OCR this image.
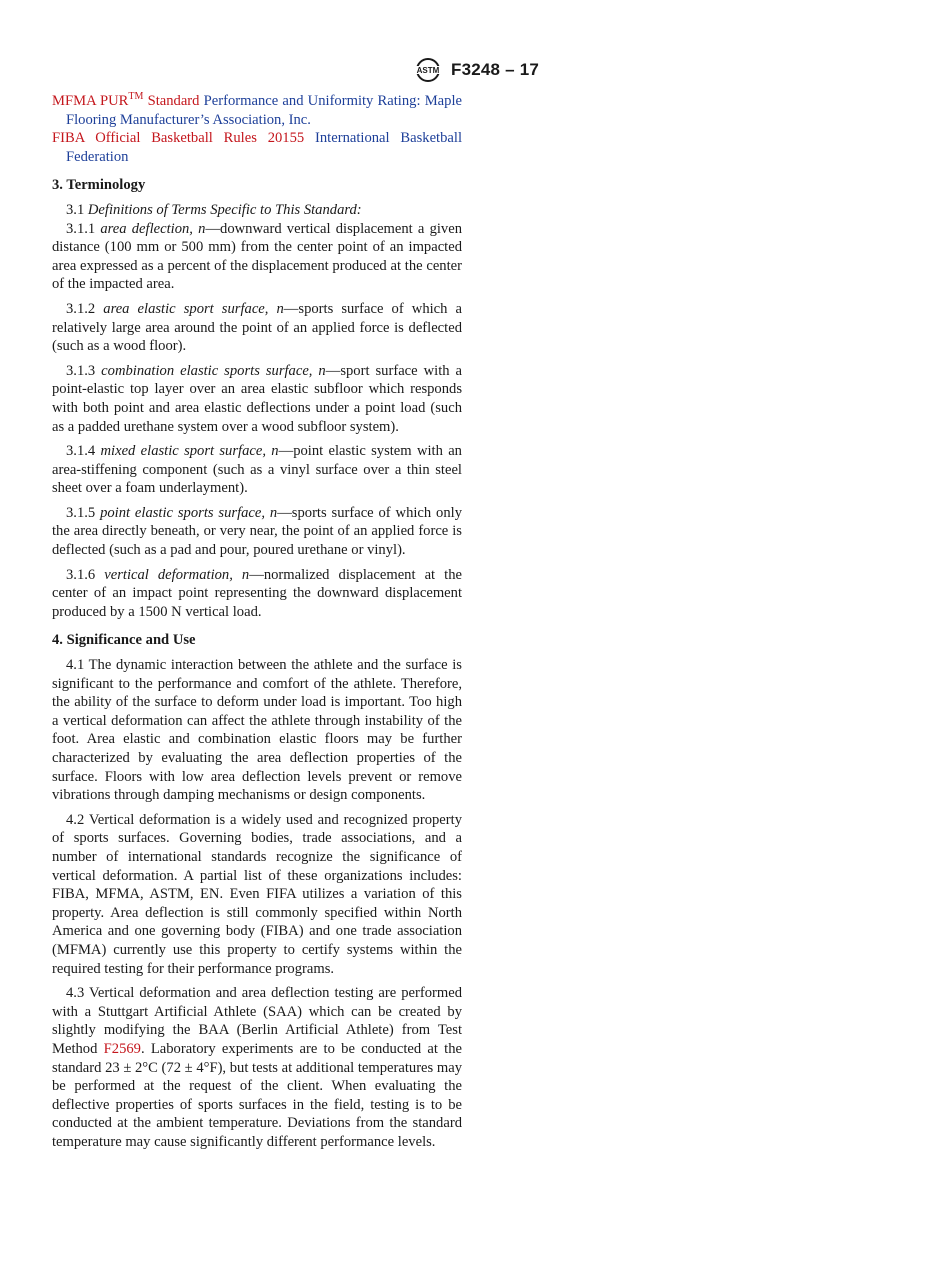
ASTM F3248 – 17

MFMA PUR™ Standard Performance and Uniformity Rating: Maple Flooring Manufacturer’s Association, Inc.

FIBA Official Basketball Rules 20155 International Basketball Federation

3. Terminology

3.1 Definitions of Terms Specific to This Standard:

3.1.1 area deflection, n—downward vertical displacement a given distance (100 mm or 500 mm) from the center point of an impacted area expressed as a percent of the displacement produced at the center of the impacted area.

3.1.2 area elastic sport surface, n—sports surface of which a relatively large area around the point of an applied force is deflected (such as a wood floor).

3.1.3 combination elastic sports surface, n—sport surface with a point-elastic top layer over an area elastic subfloor which responds with both point and area elastic deflections under a point load (such as a padded urethane system over a wood subfloor system).

3.1.4 mixed elastic sport surface, n—point elastic system with an area-stiffening component (such as a vinyl surface over a thin steel sheet over a foam underlayment).

3.1.5 point elastic sports surface, n—sports surface of which only the area directly beneath, or very near, the point of an applied force is deflected (such as a pad and pour, poured urethane or vinyl).

3.1.6 vertical deformation, n—normalized displacement at the center of an impact point representing the downward displacement produced by a 1500 N vertical load.

4. Significance and Use

4.1 The dynamic interaction between the athlete and the surface is significant to the performance and comfort of the athlete. Therefore, the ability of the surface to deform under load is important. Too high a vertical deformation can affect the athlete through instability of the foot. Area elastic and combination elastic floors may be further characterized by evaluating the area deflection properties of the surface. Floors with low area deflection levels prevent or remove vibrations through damping mechanisms or design components.

4.2 Vertical deformation is a widely used and recognized property of sports surfaces. Governing bodies, trade associations, and a number of international standards recognize the significance of vertical deformation. A partial list of these organizations includes: FIBA, MFMA, ASTM, EN. Even FIFA utilizes a variation of this property. Area deflection is still commonly specified within North America and one governing body (FIBA) and one trade association (MFMA) currently use this property to certify systems within the required testing for their performance programs.

4.3 Vertical deformation and area deflection testing are performed with a Stuttgart Artificial Athlete (SAA) which can be created by slightly modifying the BAA (Berlin Artificial Athlete) from Test Method F2569. Laboratory experiments are to be conducted at the standard 23 ± 2°C (72 ± 4°F), but tests at additional temperatures may be performed at the request of the client. When evaluating the deflective properties of sports surfaces in the field, testing is to be conducted at the ambient temperature. Deviations from the standard temperature may cause significantly different performance levels.
